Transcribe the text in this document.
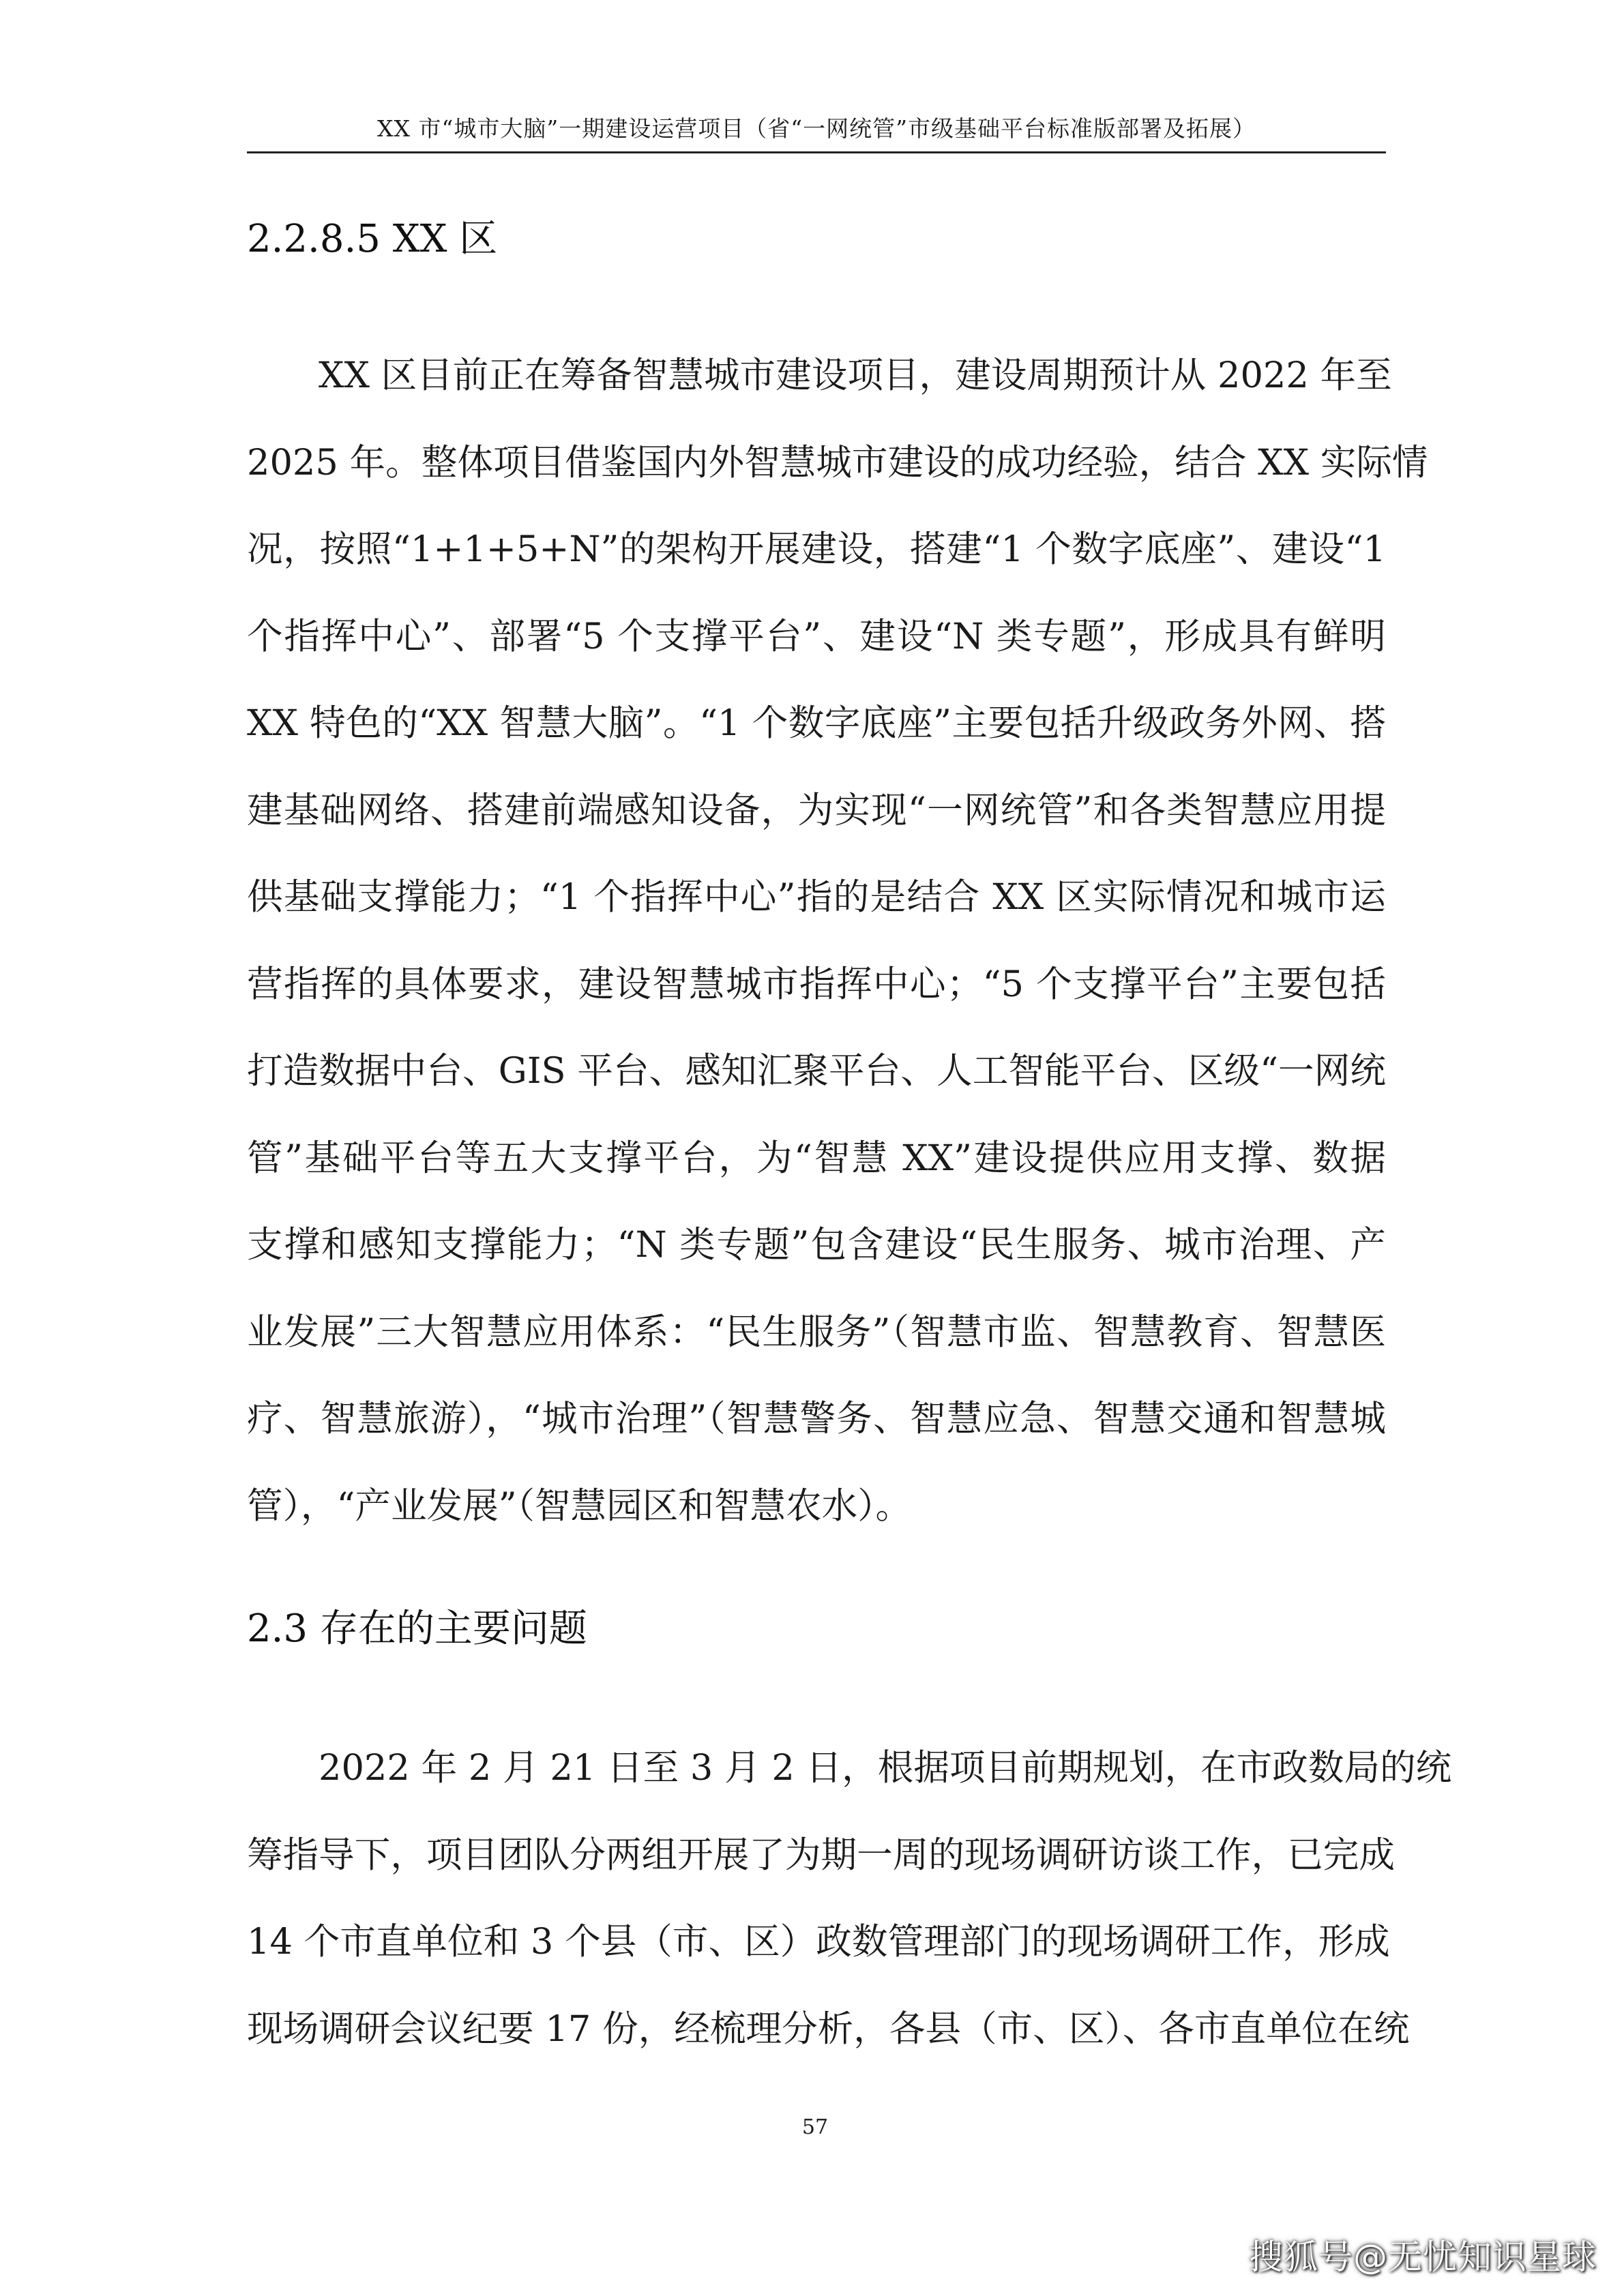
XX 市“城市大脑”一期建设运营项目（省“一网统管”市级基础平台标准版部署及拓展）
2.2.8.5 XX 区
XX 区目前正在筹备智慧城市建设项目，建设周期预计从 2022 年至
2025 年。整体项目借鉴国内外智慧城市建设的成功经验，结合 XX 实际情
况，按照“1+1+5+N”的架构开展建设，搭建“1 个数字底座”、建设“1
个指挥中心”、部署“5 个支撑平台”、建设“N 类专题”，形成具有鲜明
XX 特色的“XX 智慧大脑”。“1 个数字底座”主要包括升级政务外网、搭
建基础网络、搭建前端感知设备，为实现“一网统管”和各类智慧应用提
供基础支撑能力；“1 个指挥中心”指的是结合 XX 区实际情况和城市运
营指挥的具体要求，建设智慧城市指挥中心；“5 个支撑平台”主要包括
打造数据中台、GIS 平台、感知汇聚平台、人工智能平台、区级“一网统
管”基础平台等五大支撑平台，为“智慧 XX”建设提供应用支撑、数据
支撑和感知支撑能力；“N 类专题”包含建设“民生服务、城市治理、产
业发展”三大智慧应用体系：“民生服务”（智慧市监、智慧教育、智慧医
疗、智慧旅游），“城市治理”（智慧警务、智慧应急、智慧交通和智慧城
管），“产业发展”（智慧园区和智慧农水）。
2.3 存在的主要问题
2022 年 2 月 21 日至 3 月 2 日，根据项目前期规划，在市政数局的统
筹指导下，项目团队分两组开展了为期一周的现场调研访谈工作，已完成
14 个市直单位和 3 个县（市、区）政数管理部门的现场调研工作，形成
现场调研会议纪要 17 份，经梳理分析，各县（市、区）、各市直单位在统
57
搜狐号@无忧知识星球
